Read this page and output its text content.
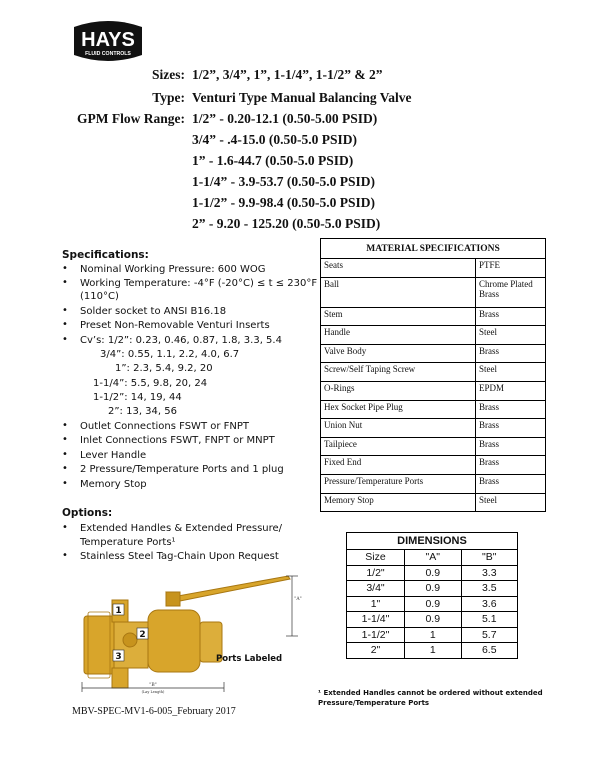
HAYS
FLUID CONTROLS
Sizes: 1/2”, 3/4”, 1”, 1-1/4”, 1-1/2” & 2”
Type: Venturi Type Manual Balancing Valve
GPM Flow Range: 1/2” - 0.20-12.1 (0.50-5.00 PSID)
3/4” - .4-15.0 (0.50-5.0 PSID)
1” - 1.6-44.7 (0.50-5.0 PSID)
1-1/4” - 3.9-53.7 (0.50-5.0 PSID)
1-1/2” - 9.9-98.4 (0.50-5.0 PSID)
2” - 9.20 - 125.20 (0.50-5.0 PSID)
Specifications:
• Nominal Working Pressure: 600 WOG
• Working Temperature: -4°F (-20°C) ≤ t ≤ 230°F
(110°C)
• Solder socket to ANSI B16.18
• Preset Non-Removable Venturi Inserts
• Cv’s: 1/2”: 0.23, 0.46, 0.87, 1.8, 3.3, 5.4
3/4”: 0.55, 1.1, 2.2, 4.0, 6.7
1”: 2.3, 5.4, 9.2, 20
1-1/4”: 5.5, 9.8, 20, 24
1-1/2”: 14, 19, 44
2”: 13, 34, 56
• Outlet Connections FSWT or FNPT
• Inlet Connections FSWT, FNPT or MNPT
• Lever Handle
• 2 Pressure/Temperature Ports and 1 plug
• Memory Stop
Options:
• Extended Handles & Extended Pressure/
Temperature Ports¹
• Stainless Steel Tag-Chain Upon Request
MATERIAL SPECIFICATIONS	
Seats	PTFE
Ball	Chrome Plated Brass
Stem	Brass
Handle	Steel
Valve Body	Brass
Screw/Self Taping Screw	Steel
O-Rings	EPDM
Hex Socket Pipe Plug	Brass
Union Nut	Brass
Tailpiece	Brass
Fixed End	Brass
Pressure/Temperature Ports	Brass
Memory Stop	Steel
DIMENSIONS		
Size	"A"	"B"
1/2"	0.9	3.3
3/4"	0.9	3.5
1"	0.9	3.6
1-1/4"	0.9	5.1
1-1/2"	1	5.7
2"	1	6.5
1
2
3
"B"
(Lay Length)
"A"
Ports Labeled
¹ Extended Handles cannot be ordered without extended Pressure/Temperature Ports
MBV-SPEC-MV1-6-005_February 2017
